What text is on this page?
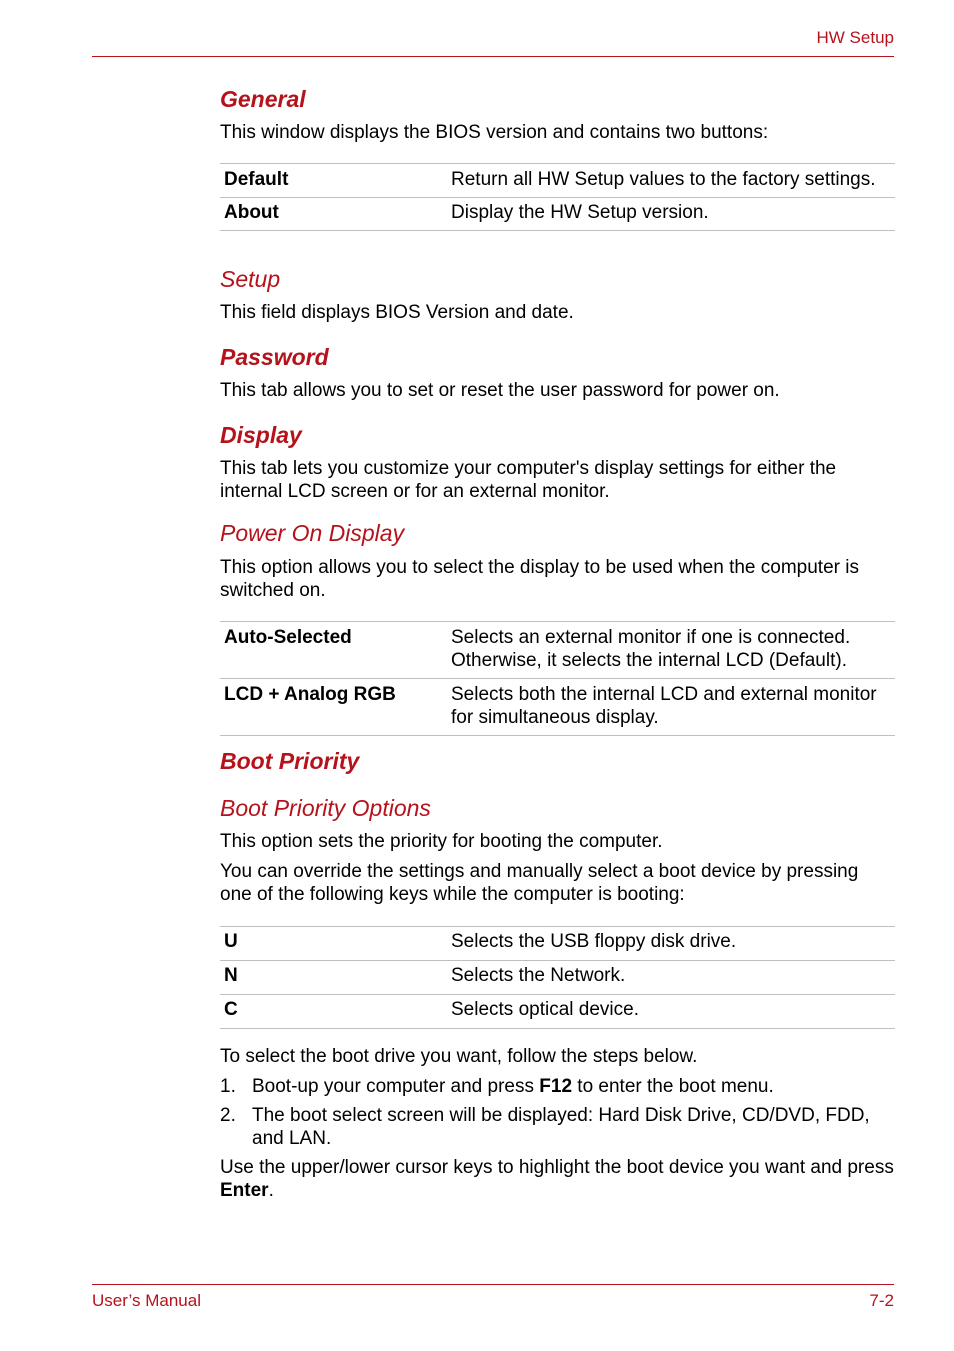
HW Setup
General
This window displays the BIOS version and contains two buttons:
Default	Return all HW Setup values to the factory settings.
About	Display the HW Setup version.
Setup
This field displays BIOS Version and date.
Password
This tab allows you to set or reset the user password for power on.
Display
This tab lets you customize your computer's display settings for either the internal LCD screen or for an external monitor.
Power On Display
This option allows you to select the display to be used when the computer is switched on.
Auto-Selected	Selects an external monitor if one is connected. Otherwise, it selects the internal LCD (Default).
LCD + Analog RGB	Selects both the internal LCD and external monitor for simultaneous display.
Boot Priority
Boot Priority Options
This option sets the priority for booting the computer.
You can override the settings and manually select a boot device by pressing one of the following keys while the computer is booting:
U	Selects the USB floppy disk drive.
N	Selects the Network.
C	Selects optical device.
To select the boot drive you want, follow the steps below.
1. Boot-up your computer and press F12 to enter the boot menu.
2. The boot select screen will be displayed: Hard Disk Drive, CD/DVD, FDD, and LAN.
Use the upper/lower cursor keys to highlight the boot device you want and press Enter.
User’s Manual	7-2
